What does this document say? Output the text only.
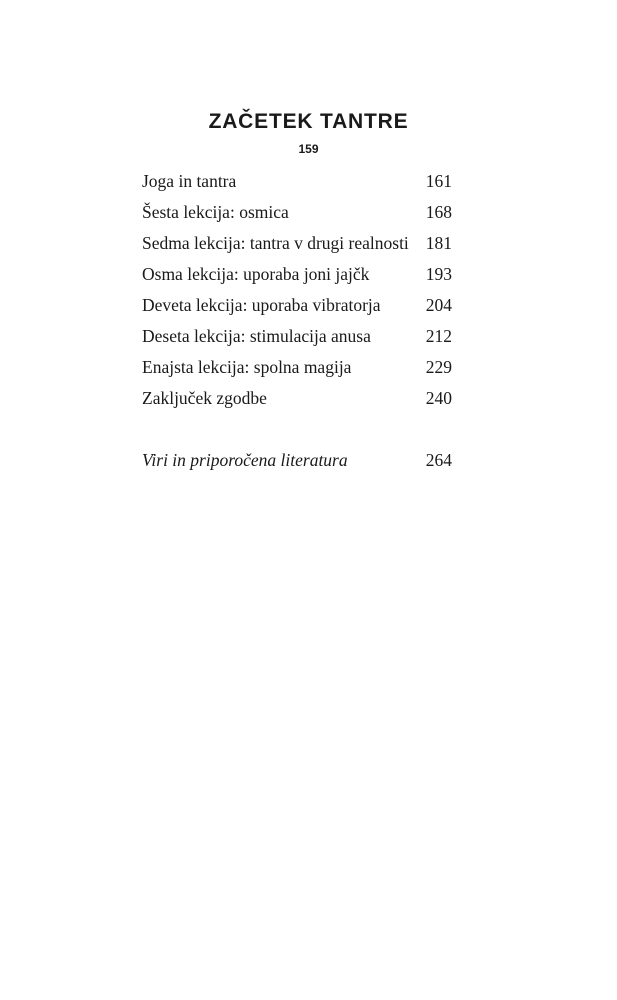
ZAČETEK TANTRE
159
Joga in tantra	161
Šesta lekcija: osmica	168
Sedma lekcija: tantra v drugi realnosti 181
Osma lekcija: uporaba joni jajčk	193
Deveta lekcija: uporaba vibratorja	204
Deseta lekcija: stimulacija anusa	212
Enajsta lekcija: spolna magija	229
Zaključek zgodbe	240
Viri in priporočena literatura	264
